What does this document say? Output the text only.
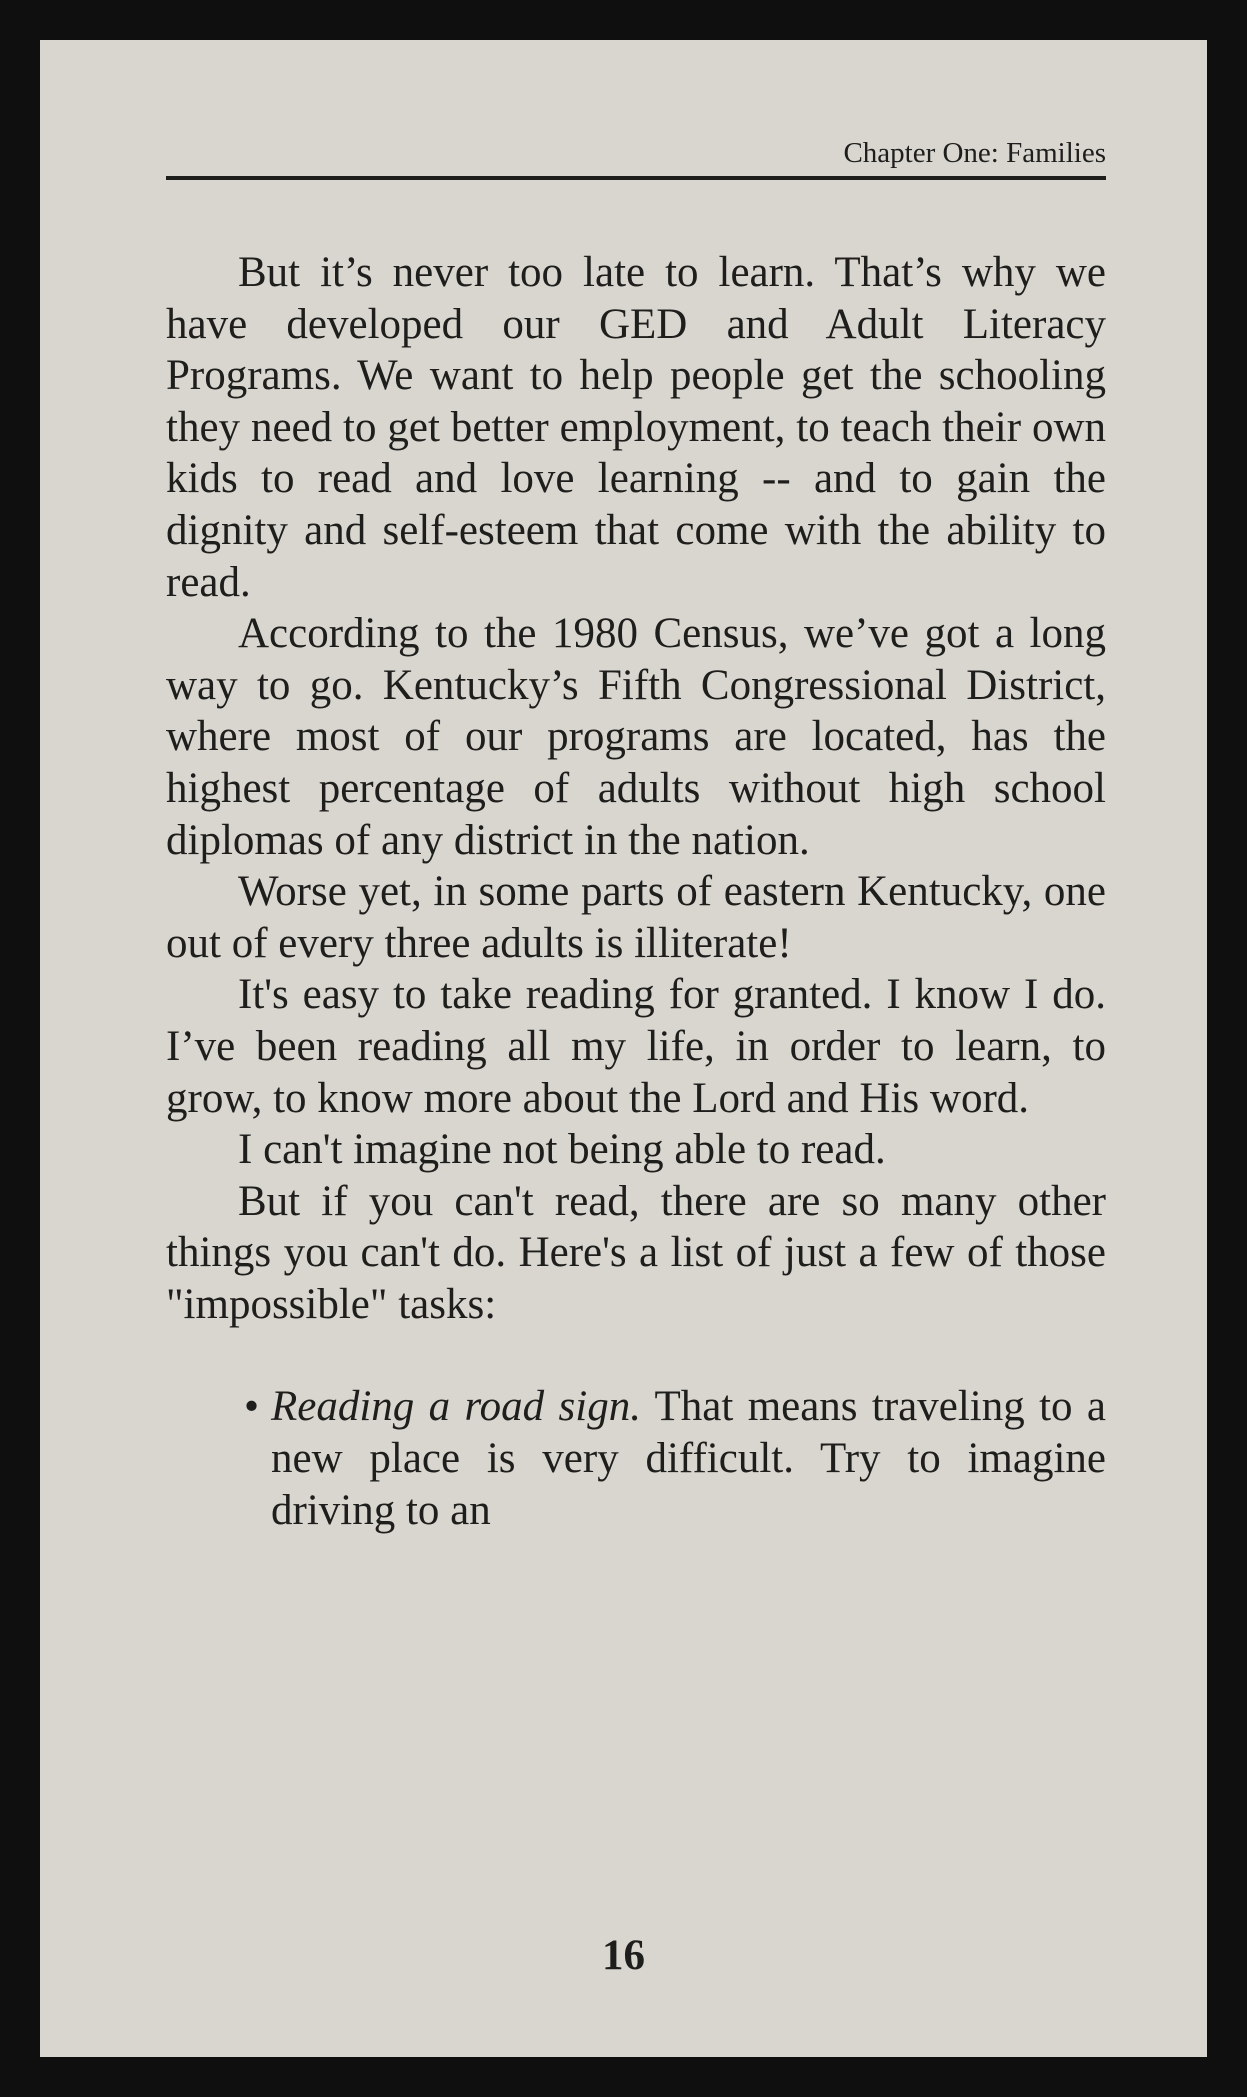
Chapter One: Families

But it’s never too late to learn. That’s why we have developed our GED and Adult Literacy Programs. We want to help people get the schooling they need to get better employment, to teach their own kids to read and love learning -- and to gain the dignity and self-esteem that come with the ability to read.

According to the 1980 Census, we’ve got a long way to go. Kentucky’s Fifth Congressional District, where most of our programs are located, has the highest percentage of adults without high school diplomas of any district in the nation.

Worse yet, in some parts of eastern Kentucky, one out of every three adults is illiterate!

It's easy to take reading for granted. I know I do. I’ve been reading all my life, in order to learn, to grow, to know more about the Lord and His word.

I can't imagine not being able to read.

But if you can't read, there are so many other things you can't do. Here's a list of just a few of those "impossible" tasks:

• Reading a road sign. That means traveling to a new place is very difficult. Try to imagine driving to an
16
